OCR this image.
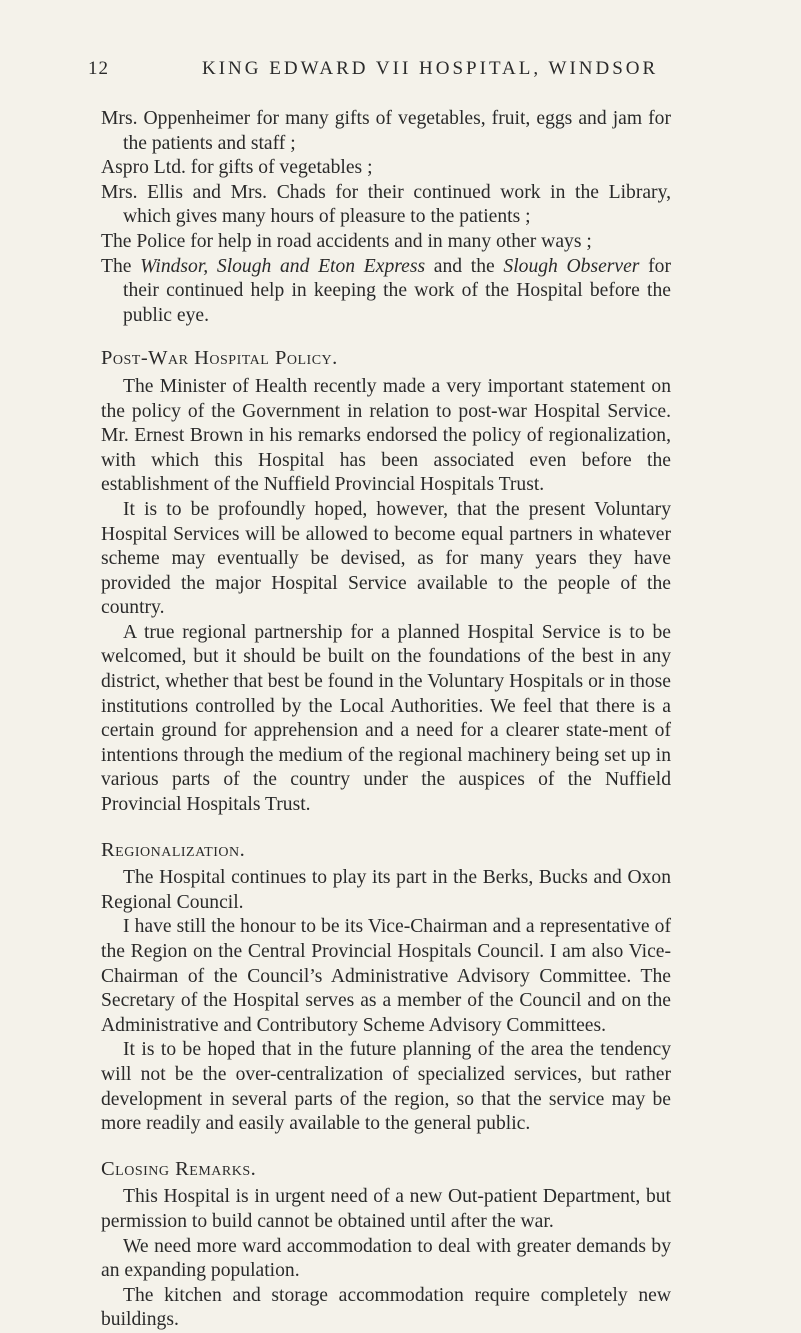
12	KING EDWARD VII HOSPITAL, WINDSOR

Mrs. Oppenheimer for many gifts of vegetables, fruit, eggs and jam for the patients and staff ;

Aspro Ltd. for gifts of vegetables ;

Mrs. Ellis and Mrs. Chads for their continued work in the Library, which gives many hours of pleasure to the patients ;

The Police for help in road accidents and in many other ways ;

The Windsor, Slough and Eton Express and the Slough Observer for their continued help in keeping the work of the Hospital before the public eye.

Post-War Hospital Policy.

The Minister of Health recently made a very important statement on the policy of the Government in relation to post-war Hospital Service. Mr. Ernest Brown in his remarks endorsed the policy of regionalization, with which this Hospital has been associated even before the establishment of the Nuffield Provincial Hospitals Trust.

It is to be profoundly hoped, however, that the present Voluntary Hospital Services will be allowed to become equal partners in whatever scheme may eventually be devised, as for many years they have provided the major Hospital Service available to the people of the country.

A true regional partnership for a planned Hospital Service is to be welcomed, but it should be built on the foundations of the best in any district, whether that best be found in the Voluntary Hospitals or in those institutions controlled by the Local Authorities. We feel that there is a certain ground for apprehension and a need for a clearer state-ment of intentions through the medium of the regional machinery being set up in various parts of the country under the auspices of the Nuffield Provincial Hospitals Trust.

Regionalization.

The Hospital continues to play its part in the Berks, Bucks and Oxon Regional Council.

I have still the honour to be its Vice-Chairman and a representative of the Region on the Central Provincial Hospitals Council. I am also Vice-Chairman of the Council’s Administrative Advisory Committee. The Secretary of the Hospital serves as a member of the Council and on the Administrative and Contributory Scheme Advisory Committees.

It is to be hoped that in the future planning of the area the tendency will not be the over-centralization of specialized services, but rather development in several parts of the region, so that the service may be more readily and easily available to the general public.

Closing Remarks.

This Hospital is in urgent need of a new Out-patient Department, but permission to build cannot be obtained until after the war.

We need more ward accommodation to deal with greater demands by an expanding population.

The kitchen and storage accommodation require completely new buildings.
